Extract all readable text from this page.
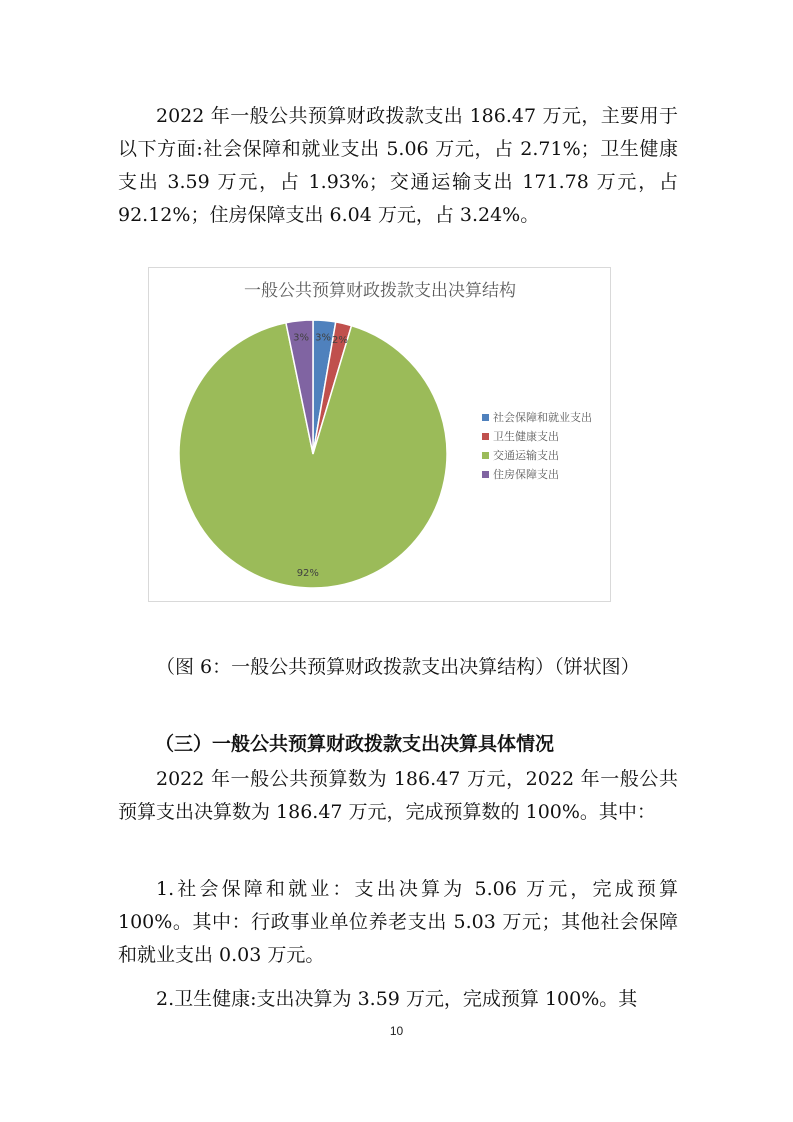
2022 年一般公共预算财政拨款支出 186.47 万元，主要用于以下方面:社会保障和就业支出 5.06 万元，占 2.71%；卫生健康支出 3.59 万元，占 1.93%；交通运输支出 171.78 万元，占 92.12%；住房保障支出 6.04 万元，占 3.24%。

一般公共预算财政拨款支出决算结构
3% 2%
92%
3%
社会保障和就业支出
卫生健康支出
交通运输支出
住房保障支出

（图 6：一般公共预算财政拨款支出决算结构）（饼状图）

（三）一般公共预算财政拨款支出决算具体情况

2022 年一般公共预算数为 186.47 万元，2022 年一般公共预算支出决算数为 186.47 万元，完成预算数的 100%。其中：

1.社会保障和就业：支出决算为 5.06 万元，完成预算 100%。其中：行政事业单位养老支出 5.03 万元；其他社会保障和就业支出 0.03 万元。

2.卫生健康:支出决算为 3.59 万元，完成预算 100%。其

10
